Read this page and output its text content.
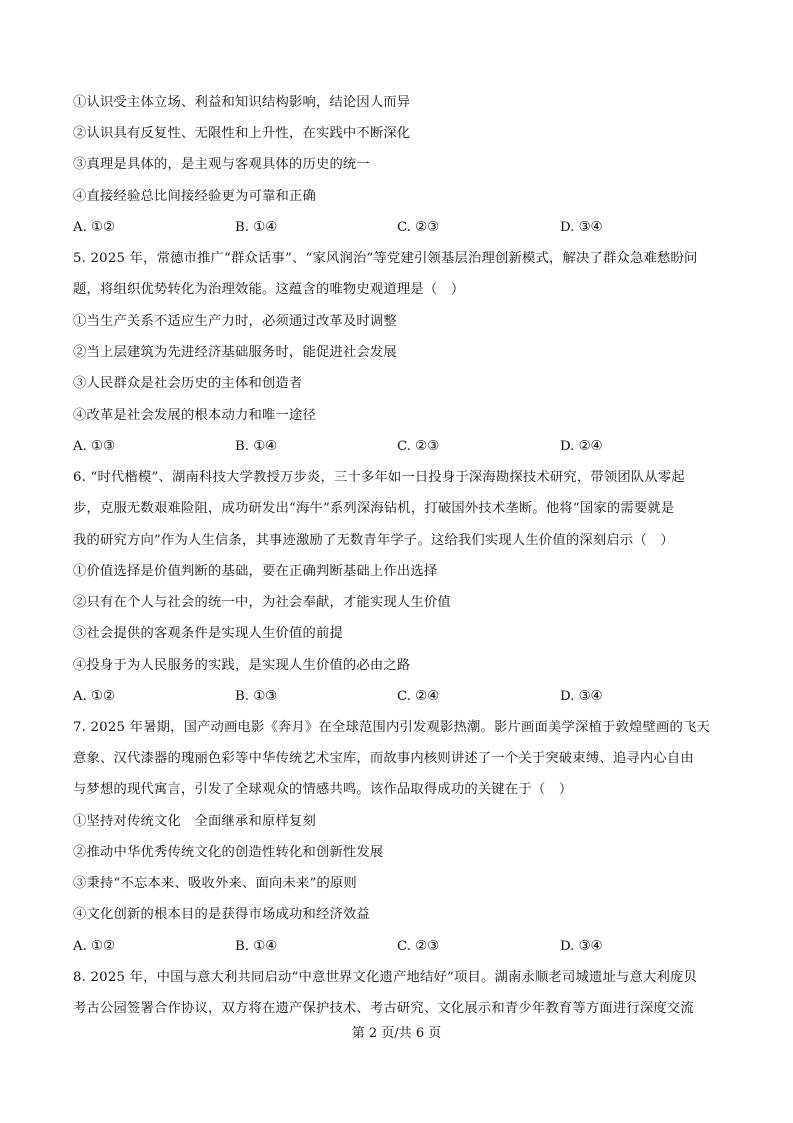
①认识受主体立场、利益和知识结构影响，结论因人而异
②认识具有反复性、无限性和上升性，在实践中不断深化
③真理是具体的，是主观与客观具体的历史的统一
④直接经验总比间接经验更为可靠和正确
A. ①②	B. ①④	C. ②③	D. ③④
5. 2025 年，常德市推广“群众话事”、“家风润治”等党建引领基层治理创新模式，解决了群众急难愁盼问
题，将组织优势转化为治理效能。这蕴含的唯物史观道理是（　）
①当生产关系不适应生产力时，必须通过改革及时调整
②当上层建筑为先进经济基础服务时，能促进社会发展
③人民群众是社会历史的主体和创造者
④改革是社会发展的根本动力和唯一途径
A. ①③	B. ①④	C. ②③	D. ②④
6. “时代楷模”、湖南科技大学教授万步炎，三十多年如一日投身于深海勘探技术研究，带领团队从零起
步，克服无数艰难险阻，成功研发出“海牛”系列深海钻机，打破国外技术垄断。他将“国家的需要就是
我的研究方向”作为人生信条，其事迹激励了无数青年学子。这给我们实现人生价值的深刻启示（　）
①价值选择是价值判断的基础，要在正确判断基础上作出选择
②只有在个人与社会的统一中，为社会奉献，才能实现人生价值
③社会提供的客观条件是实现人生价值的前提
④投身于为人民服务的实践，是实现人生价值的必由之路
A. ①②	B. ①③	C. ②④	D. ③④
7. 2025 年暑期，国产动画电影《奔月》在全球范围内引发观影热潮。影片画面美学深植于敦煌壁画的飞天
意象、汉代漆器的瑰丽色彩等中华传统艺术宝库，而故事内核则讲述了一个关于突破束缚、追寻内心自由
与梦想的现代寓言，引发了全球观众的情感共鸣。该作品取得成功的关键在于（　）
①坚持对传统文化　全面继承和原样复刻
②推动中华优秀传统文化的创造性转化和创新性发展
③秉持“不忘本来、吸收外来、面向未来”的原则
④文化创新的根本目的是获得市场成功和经济效益
A. ①②	B. ①④	C. ②③	D. ③④
8. 2025 年，中国与意大利共同启动“中意世界文化遗产地结好”项目。湖南永顺老司城遗址与意大利庞贝
考古公园签署合作协议，双方将在遗产保护技术、考古研究、文化展示和青少年教育等方面进行深度交流
第 2 页/共 6 页
